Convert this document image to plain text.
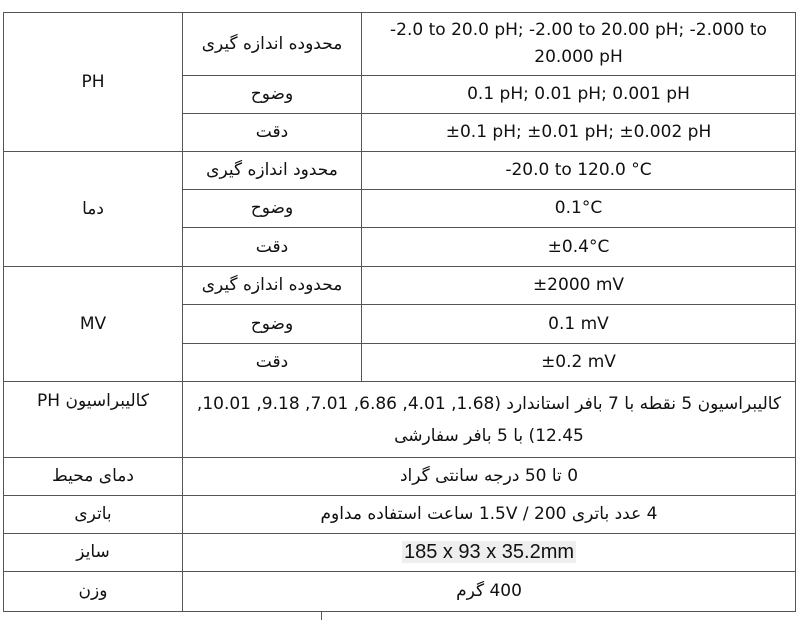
PH	محدوده اندازه گیری	-2.0 to 20.0 pH; -2.00 to 20.00 pH; -2.000 to 20.000 pH
	وضوح	0.1 pH; 0.01 pH; 0.001 pH
	دقت	±0.1 pH; ±0.01 pH; ±0.002 pH
دما	محدود اندازه گیری	-20.0 to 120.0 °C
	وضوح	0.1°C
	دقت	±0.4°C
MV	محدوده اندازه گیری	±2000 mV
	وضوح	0.1 mV
	دقت	±0.2 mV
کالیبراسیون PH	کالیبراسیون 5 نقطه با 7 بافر استاندارد (1.68, 4.01, 6.86, 7.01, 9.18, 10.01, 12.45) با 5 بافر سفارشی	
دمای محیط	0 تا 50 درجه سانتی گراد	
باتری	4 عدد باتری 1.5V / 200 ساعت استفاده مداوم	
سایز	185 x 93 x 35.2mm	
وزن	400 گرم	
